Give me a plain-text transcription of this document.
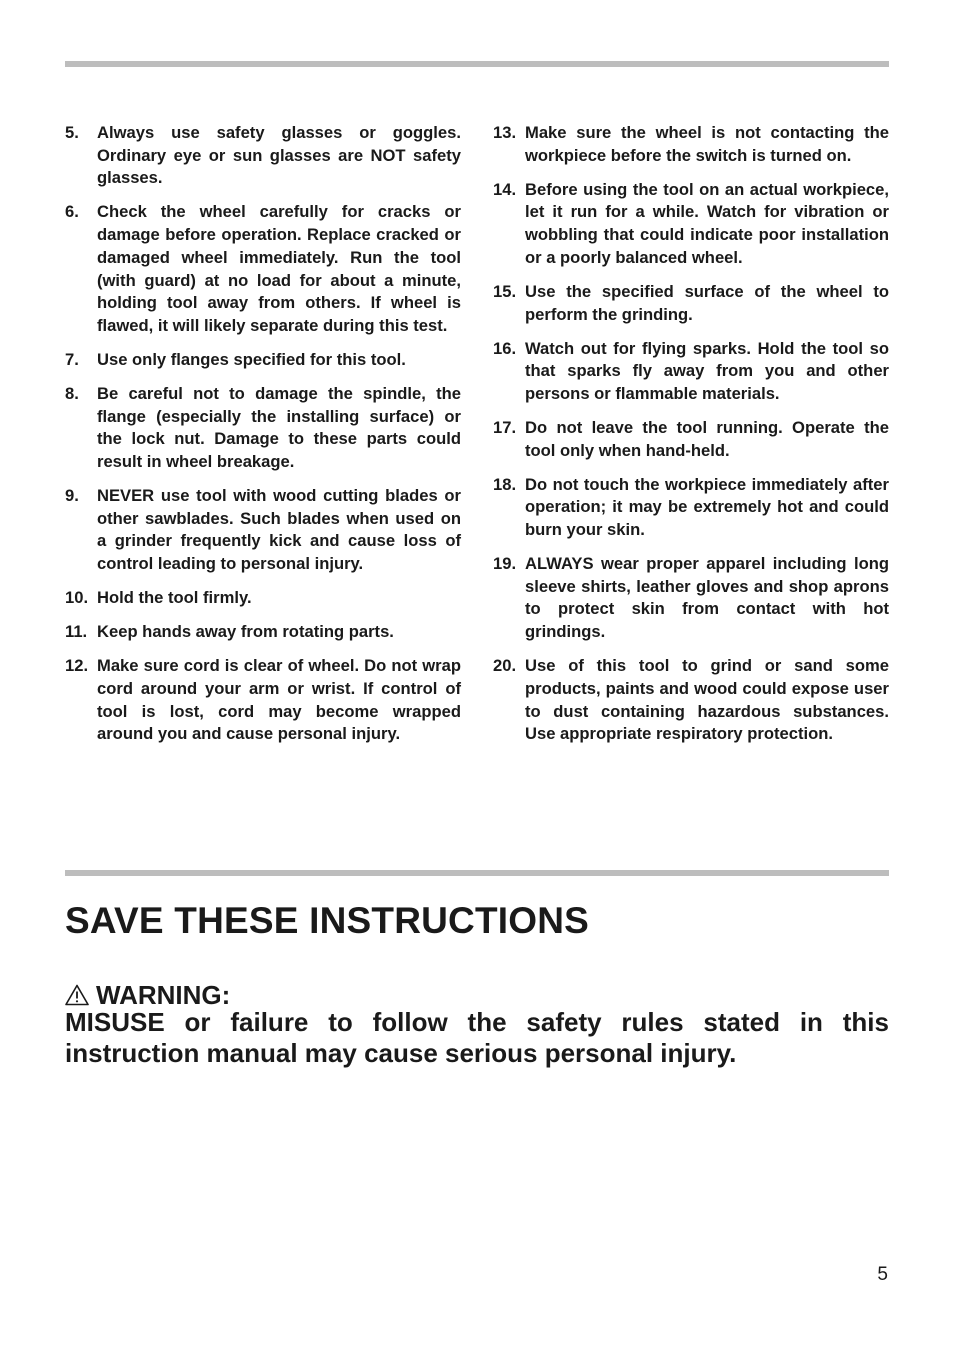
5.	Always use safety glasses or goggles. Ordinary eye or sun glasses are NOT safety glasses.
6.	Check the wheel carefully for cracks or damage before operation. Replace cracked or damaged wheel immediately. Run the tool (with guard) at no load for about a minute, holding tool away from others. If wheel is flawed, it will likely separate during this test.
7.	Use only flanges specified for this tool.
8.	Be careful not to damage the spindle, the flange (especially the installing surface) or the lock nut. Damage to these parts could result in wheel breakage.
9.	NEVER use tool with wood cutting blades or other sawblades. Such blades when used on a grinder frequently kick and cause loss of control leading to personal injury.
10. Hold the tool firmly.
11. Keep hands away from rotating parts.
12. Make sure cord is clear of wheel. Do not wrap cord around your arm or wrist. If control of tool is lost, cord may become wrapped around you and cause personal injury.
13. Make sure the wheel is not contacting the workpiece before the switch is turned on.
14. Before using the tool on an actual workpiece, let it run for a while. Watch for vibration or wobbling that could indicate poor installation or a poorly balanced wheel.
15. Use the specified surface of the wheel to perform the grinding.
16. Watch out for flying sparks. Hold the tool so that sparks fly away from you and other persons or flammable materials.
17. Do not leave the tool running. Operate the tool only when hand-held.
18. Do not touch the workpiece immediately after operation; it may be extremely hot and could burn your skin.
19. ALWAYS wear proper apparel including long sleeve shirts, leather gloves and shop aprons to protect skin from contact with hot grindings.
20. Use of this tool to grind or sand some products, paints and wood could expose user to dust containing hazardous substances. Use appropriate respiratory protection.
SAVE THESE INSTRUCTIONS
WARNING:

MISUSE or failure to follow the safety rules stated in this instruction manual may cause serious personal injury.

5
